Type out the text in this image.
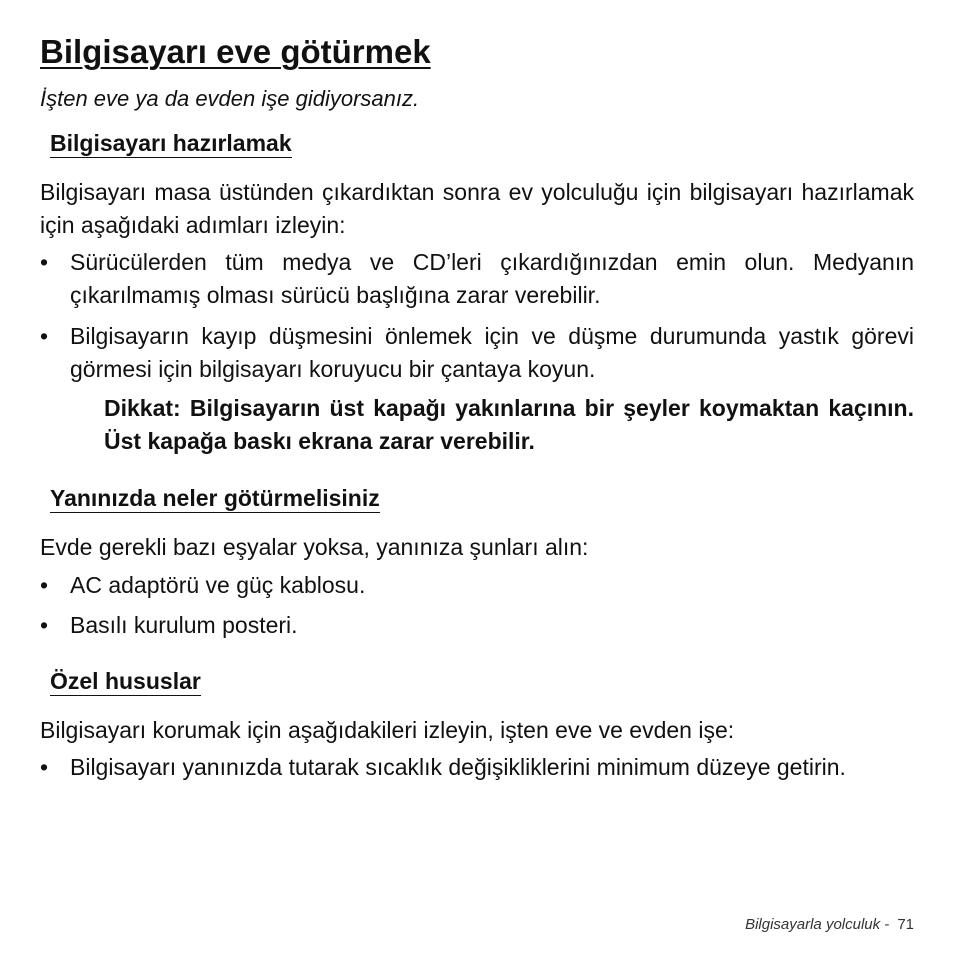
Bilgisayarı eve götürmek

İşten eve ya da evden işe gidiyorsanız.

Bilgisayarı hazırlamak

Bilgisayarı masa üstünden çıkardıktan sonra ev yolculuğu için bilgisayarı hazırlamak için aşağıdaki adımları izleyin:

• Sürücülerden tüm medya ve CD’leri çıkardığınızdan emin olun. Medyanın çıkarılmamış olması sürücü başlığına zarar verebilir.
• Bilgisayarın kayıp düşmesini önlemek için ve düşme durumunda yastık görevi görmesi için bilgisayarı koruyucu bir çantaya koyun.

Dikkat: Bilgisayarın üst kapağı yakınlarına bir şeyler koymaktan kaçının. Üst kapağa baskı ekrana zarar verebilir.

Yanınızda neler götürmelisiniz

Evde gerekli bazı eşyalar yoksa, yanınıza şunları alın:

• AC adaptörü ve güç kablosu.
• Basılı kurulum posteri.
Özel hususlar

Bilgisayarı korumak için aşağıdakileri izleyin, işten eve ve evden işe:

• Bilgisayarı yanınızda tutarak sıcaklık değişikliklerini minimum düzeye getirin.
Bilgisayarla yolculuk - 71
